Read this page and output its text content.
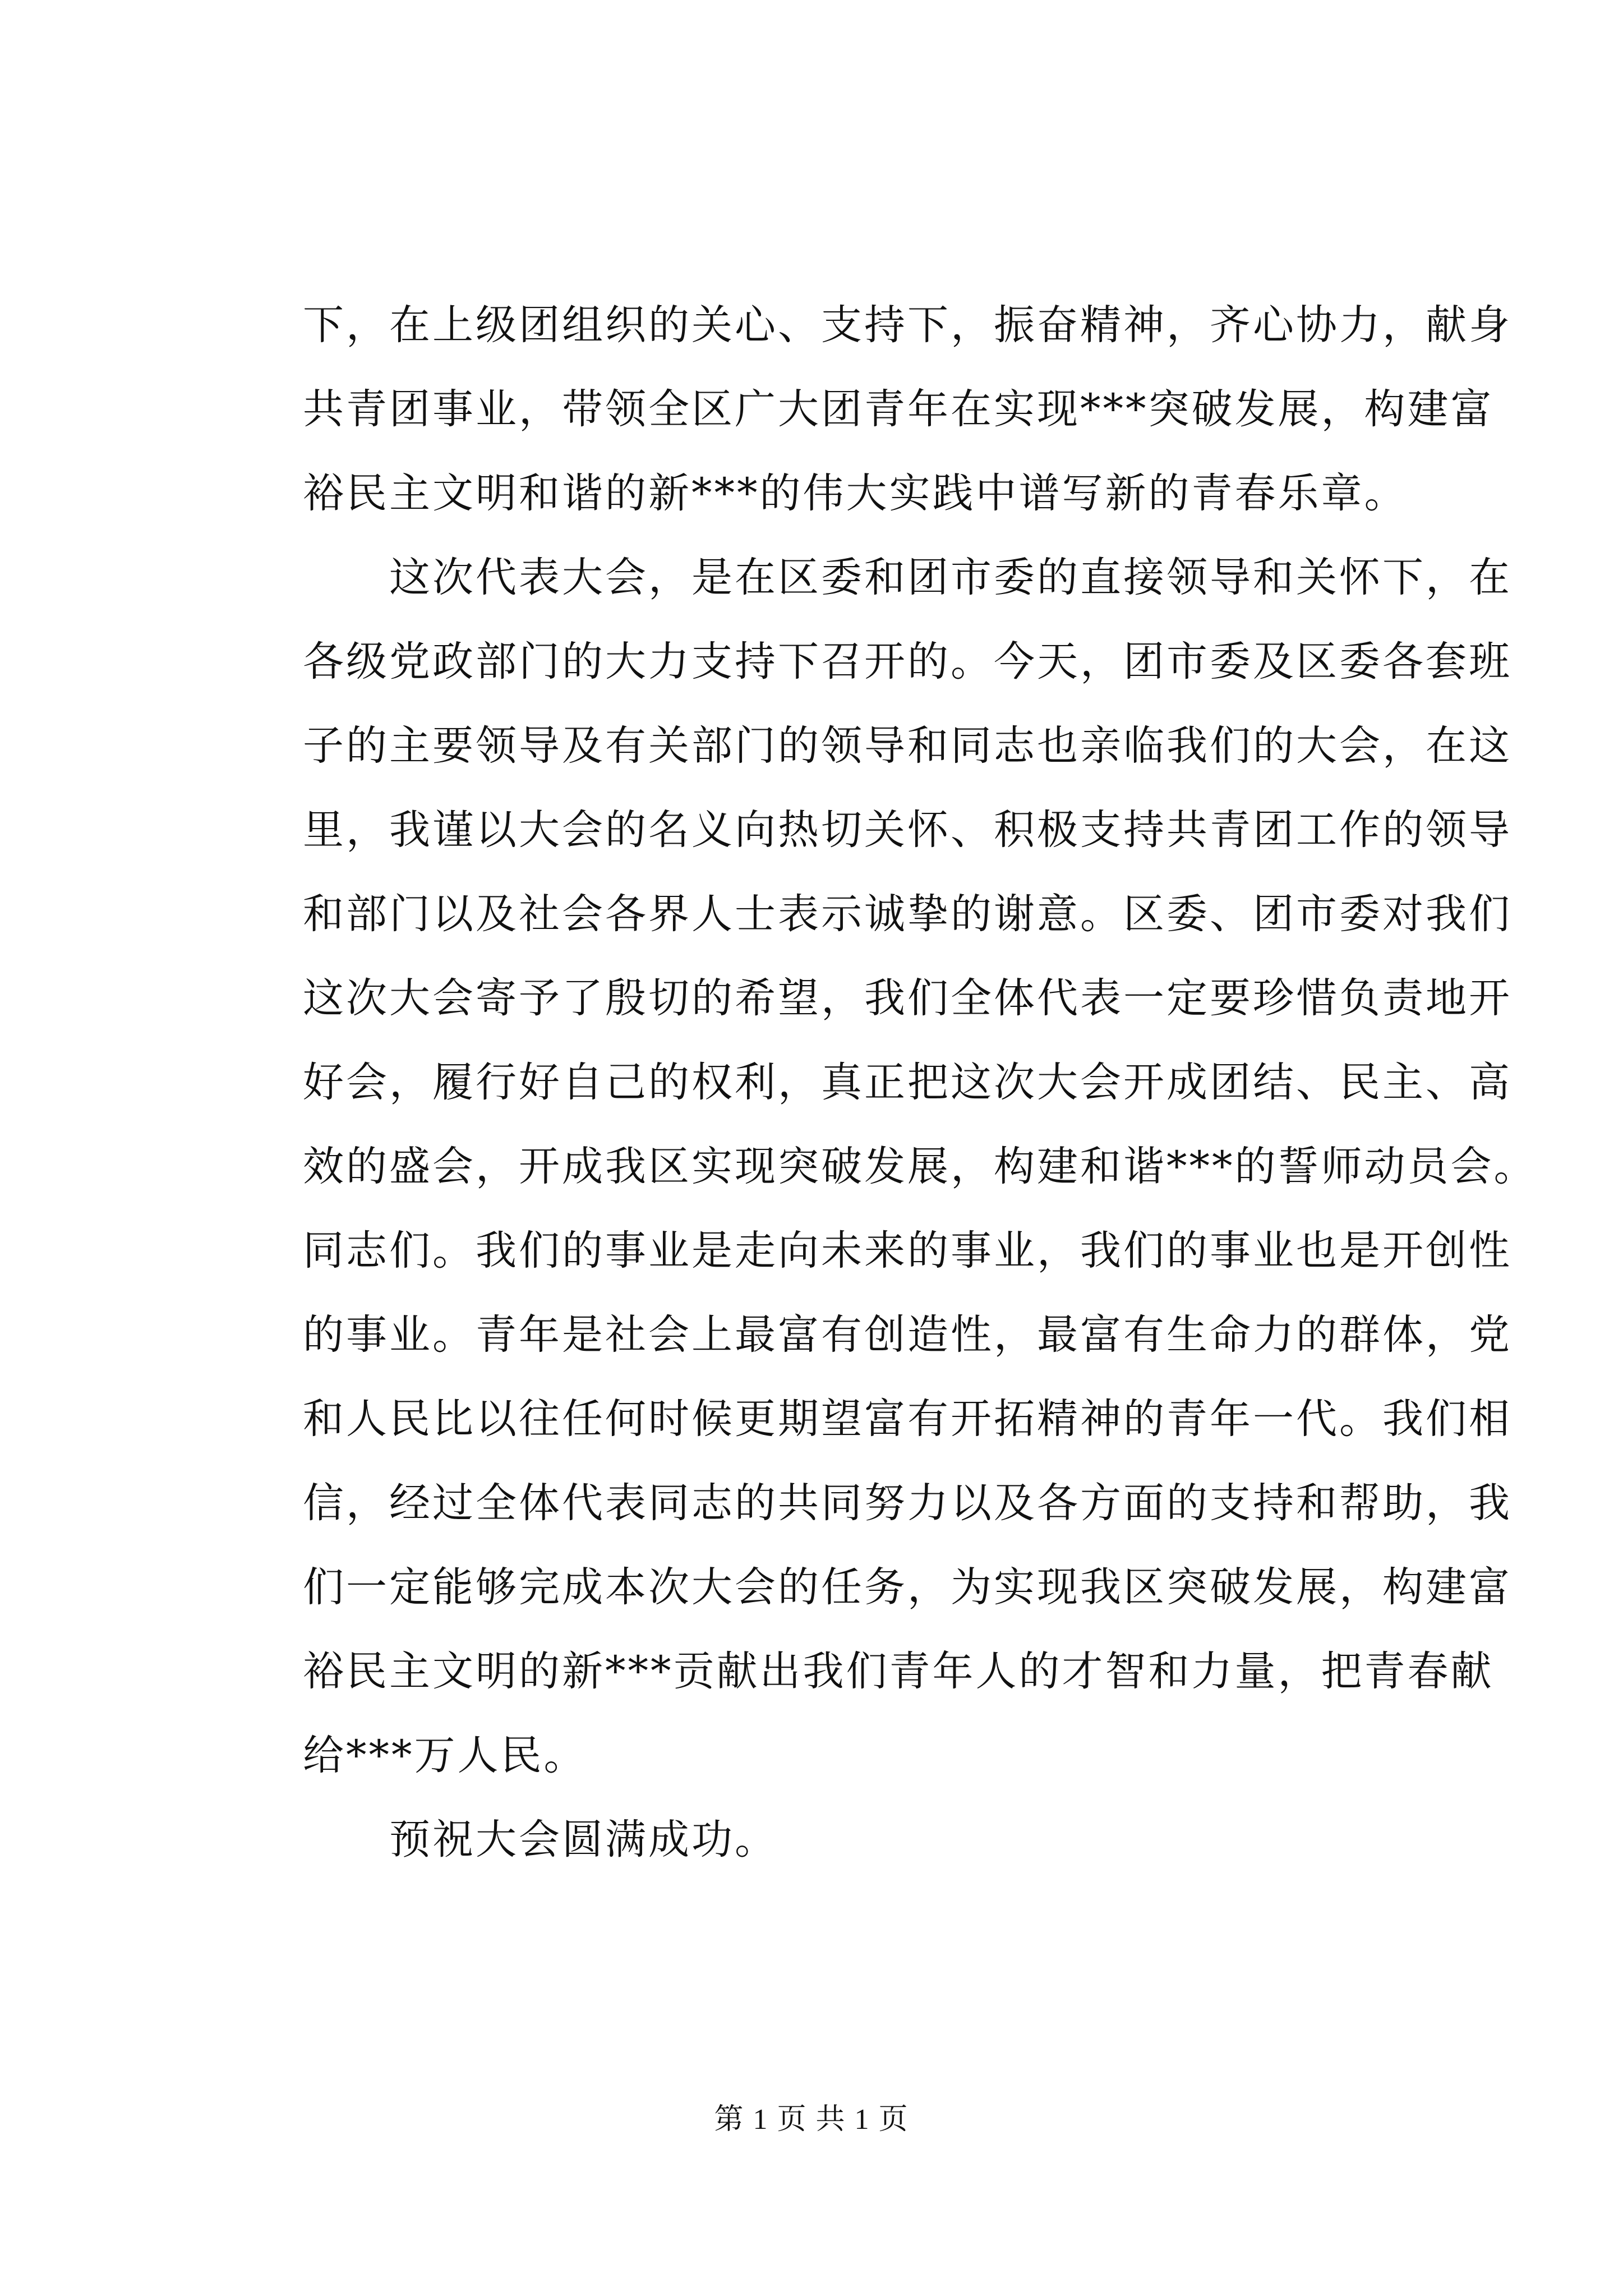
下，在上级团组织的关心、支持下，振奋精神，齐心协力，献身
共青团事业，带领全区广大团青年在实现***突破发展，构建富
裕民主文明和谐的新***的伟大实践中谱写新的青春乐章。
　　这次代表大会，是在区委和团市委的直接领导和关怀下，在
各级党政部门的大力支持下召开的。今天，团市委及区委各套班
子的主要领导及有关部门的领导和同志也亲临我们的大会，在这
里，我谨以大会的名义向热切关怀、积极支持共青团工作的领导
和部门以及社会各界人士表示诚挚的谢意。区委、团市委对我们
这次大会寄予了殷切的希望，我们全体代表一定要珍惜负责地开
好会，履行好自己的权利，真正把这次大会开成团结、民主、高
效的盛会，开成我区实现突破发展，构建和谐***的誓师动员会。
同志们。我们的事业是走向未来的事业，我们的事业也是开创性
的事业。青年是社会上最富有创造性，最富有生命力的群体，党
和人民比以往任何时候更期望富有开拓精神的青年一代。我们相
信，经过全体代表同志的共同努力以及各方面的支持和帮助，我
们一定能够完成本次大会的任务，为实现我区突破发展，构建富
裕民主文明的新***贡献出我们青年人的才智和力量，把青春献
给***万人民。
　　预祝大会圆满成功。
第 1 页 共 1 页
